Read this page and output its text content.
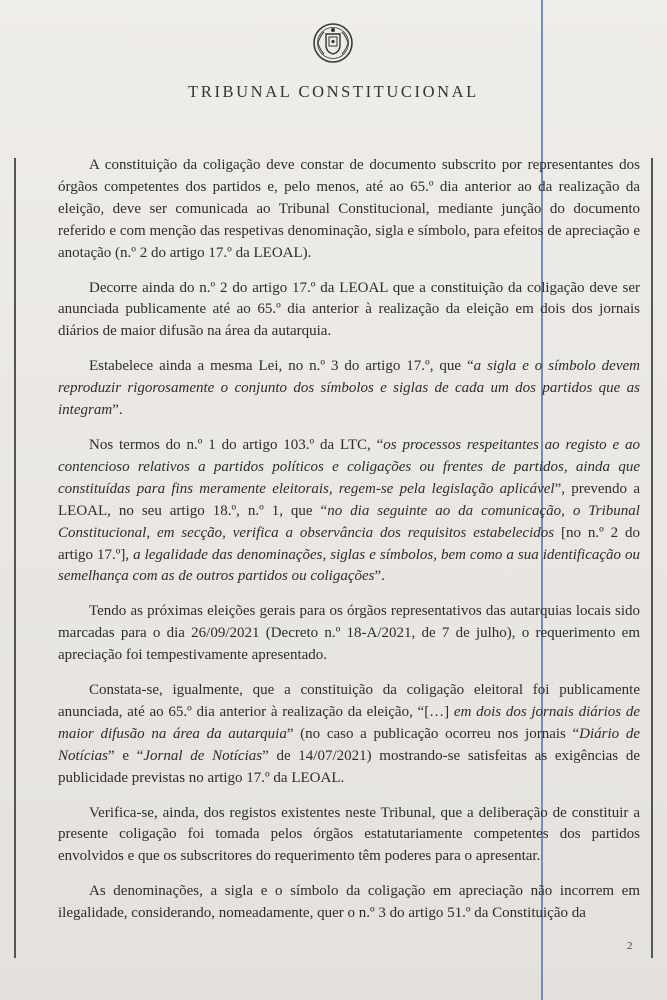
TRIBUNAL CONSTITUCIONAL

A constituição da coligação deve constar de documento subscrito por representantes dos órgãos competentes dos partidos e, pelo menos, até ao 65.º dia anterior ao da realização da eleição, deve ser comunicada ao Tribunal Constitucional, mediante junção do documento referido e com menção das respetivas denominação, sigla e símbolo, para efeitos de apreciação e anotação (n.º 2 do artigo 17.º da LEOAL).

Decorre ainda do n.º 2 do artigo 17.º da LEOAL que a constituição da coligação deve ser anunciada publicamente até ao 65.º dia anterior à realização da eleição em dois dos jornais diários de maior difusão na área da autarquia.

Estabelece ainda a mesma Lei, no n.º 3 do artigo 17.º, que “a sigla e o símbolo devem reproduzir rigorosamente o conjunto dos símbolos e siglas de cada um dos partidos que as integram”.

Nos termos do n.º 1 do artigo 103.º da LTC, “os processos respeitantes ao registo e ao contencioso relativos a partidos políticos e coligações ou frentes de partidos, ainda que constituídas para fins meramente eleitorais, regem-se pela legislação aplicável”, prevendo a LEOAL, no seu artigo 18.º, n.º 1, que “no dia seguinte ao da comunicação, o Tribunal Constitucional, em secção, verifica a observância dos requisitos estabelecidos [no n.º 2 do artigo 17.º], a legalidade das denominações, siglas e símbolos, bem como a sua identificação ou semelhança com as de outros partidos ou coligações”.

Tendo as próximas eleições gerais para os órgãos representativos das autarquias locais sido marcadas para o dia 26/09/2021 (Decreto n.º 18-A/2021, de 7 de julho), o requerimento em apreciação foi tempestivamente apresentado.

Constata-se, igualmente, que a constituição da coligação eleitoral foi publicamente anunciada, até ao 65.º dia anterior à realização da eleição, “[…] em dois dos jornais diários de maior difusão na área da autarquia” (no caso a publicação ocorreu nos jornais “Diário de Notícias” e “Jornal de Notícias” de 14/07/2021) mostrando-se satisfeitas as exigências de publicidade previstas no artigo 17.º da LEOAL.

Verifica-se, ainda, dos registos existentes neste Tribunal, que a deliberação de constituir a presente coligação foi tomada pelos órgãos estatutariamente competentes dos partidos envolvidos e que os subscritores do requerimento têm poderes para o apresentar.

As denominações, a sigla e o símbolo da coligação em apreciação não incorrem em ilegalidade, considerando, nomeadamente, quer o n.º 3 do artigo 51.º da Constituição da

2
